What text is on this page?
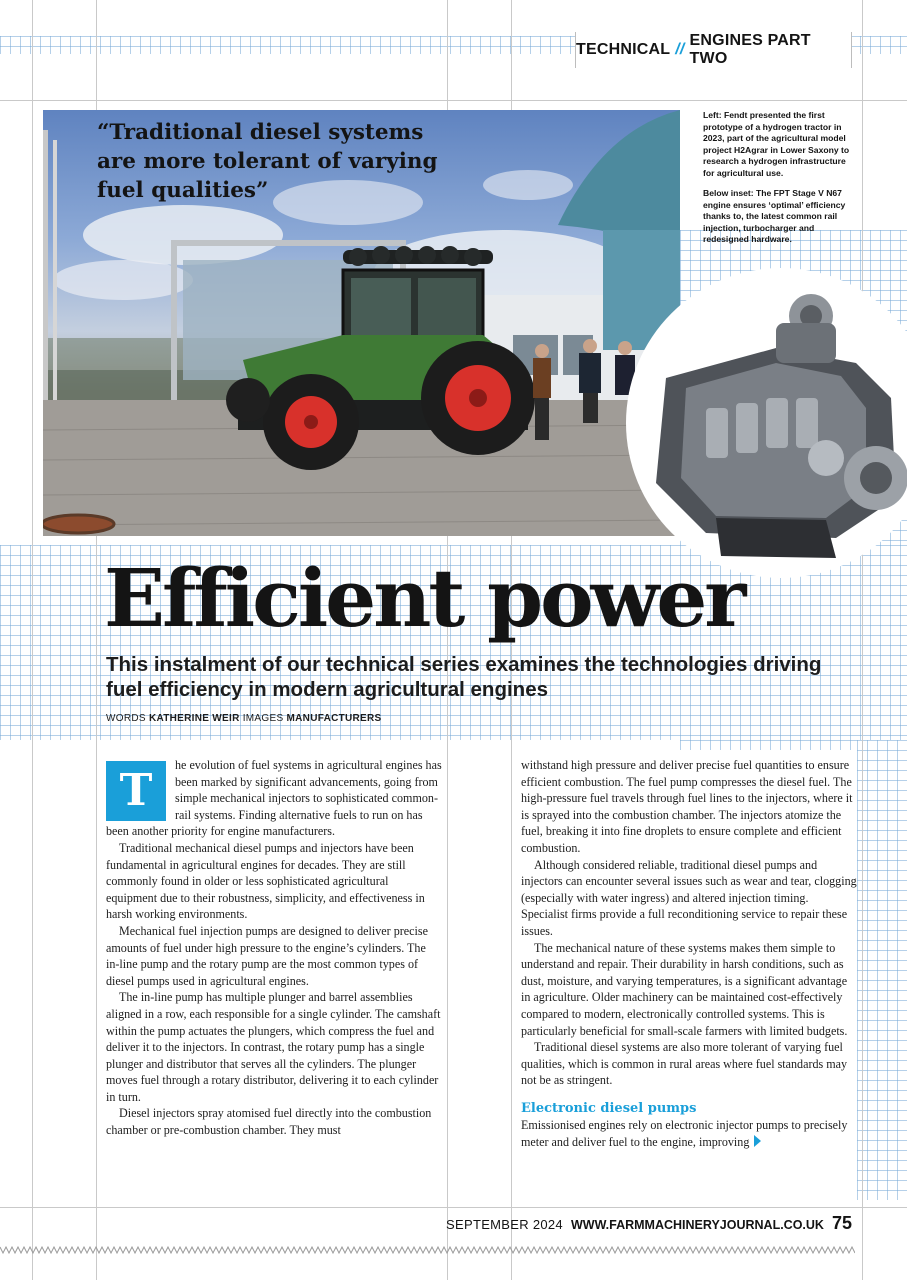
TECHNICAL //
ENGINES PART TWO
“Traditional diesel systems are more tolerant of varying fuel qualities”

Left: Fendt presented the first prototype of a hydrogen tractor in 2023, part of the agricultural model project H2Agrar in Lower Saxony to research a hydrogen infrastructure for agricultural use.

Below inset: The FPT Stage V N67 engine ensures ‘optimal’ efficiency thanks to, the latest common rail injection, turbocharger and redesigned hardware.

Efficient power
This instalment of our technical series examines the technologies driving fuel efficiency in modern agricultural engines
WORDS KATHERINE WEIR IMAGES MANUFACTURERS
T	he evolution of fuel systems in agricultural engines has been marked by significant advancements, going from simple mechanical injectors to sophisticated common-rail systems. Finding alternative fuels to run on has been another priority for engine manufacturers.

Traditional mechanical diesel pumps and injectors have been fundamental in agricultural engines for decades. They are still commonly found in older or less sophisticated agricultural equipment due to their robustness, simplicity, and effectiveness in harsh working environments.

Mechanical fuel injection pumps are designed to deliver precise amounts of fuel under high pressure to the engine’s cylinders. The in-line pump and the rotary pump are the most common types of diesel pumps used in agricultural engines.

The in-line pump has multiple plunger and barrel assemblies aligned in a row, each responsible for a single cylinder. The camshaft within the pump actuates the plungers, which compress the fuel and deliver it to the injectors. In contrast, the rotary pump has a single plunger and distributor that serves all the cylinders. The plunger moves fuel through a rotary distributor, delivering it to each cylinder in turn.

Diesel injectors spray atomised fuel directly into the combustion chamber or pre-combustion chamber. They must

withstand high pressure and deliver precise fuel quantities to ensure efficient combustion. The fuel pump compresses the diesel fuel. The high-pressure fuel travels through fuel lines to the injectors, where it is sprayed into the combustion chamber. The injectors atomize the fuel, breaking it into fine droplets to ensure complete and efficient combustion.

Although considered reliable, traditional diesel pumps and injectors can encounter several issues such as wear and tear, clogging (especially with water ingress) and altered injection timing. Specialist firms provide a full reconditioning service to repair these issues.

The mechanical nature of these systems makes them simple to understand and repair. Their durability in harsh conditions, such as dust, moisture, and varying temperatures, is a significant advantage in agriculture. Older machinery can be maintained cost-effectively compared to modern, electronically controlled systems. This is particularly beneficial for small-scale farmers with limited budgets.

Traditional diesel systems are also more tolerant of varying fuel qualities, which is common in rural areas where fuel standards may not be as stringent.

Electronic diesel pumps

Emissionised engines rely on electronic injector pumps to precisely meter and deliver fuel to the engine, improving

SEPTEMBER 2024 WWW.FARMMACHINERYJOURNAL.CO.UK 75
